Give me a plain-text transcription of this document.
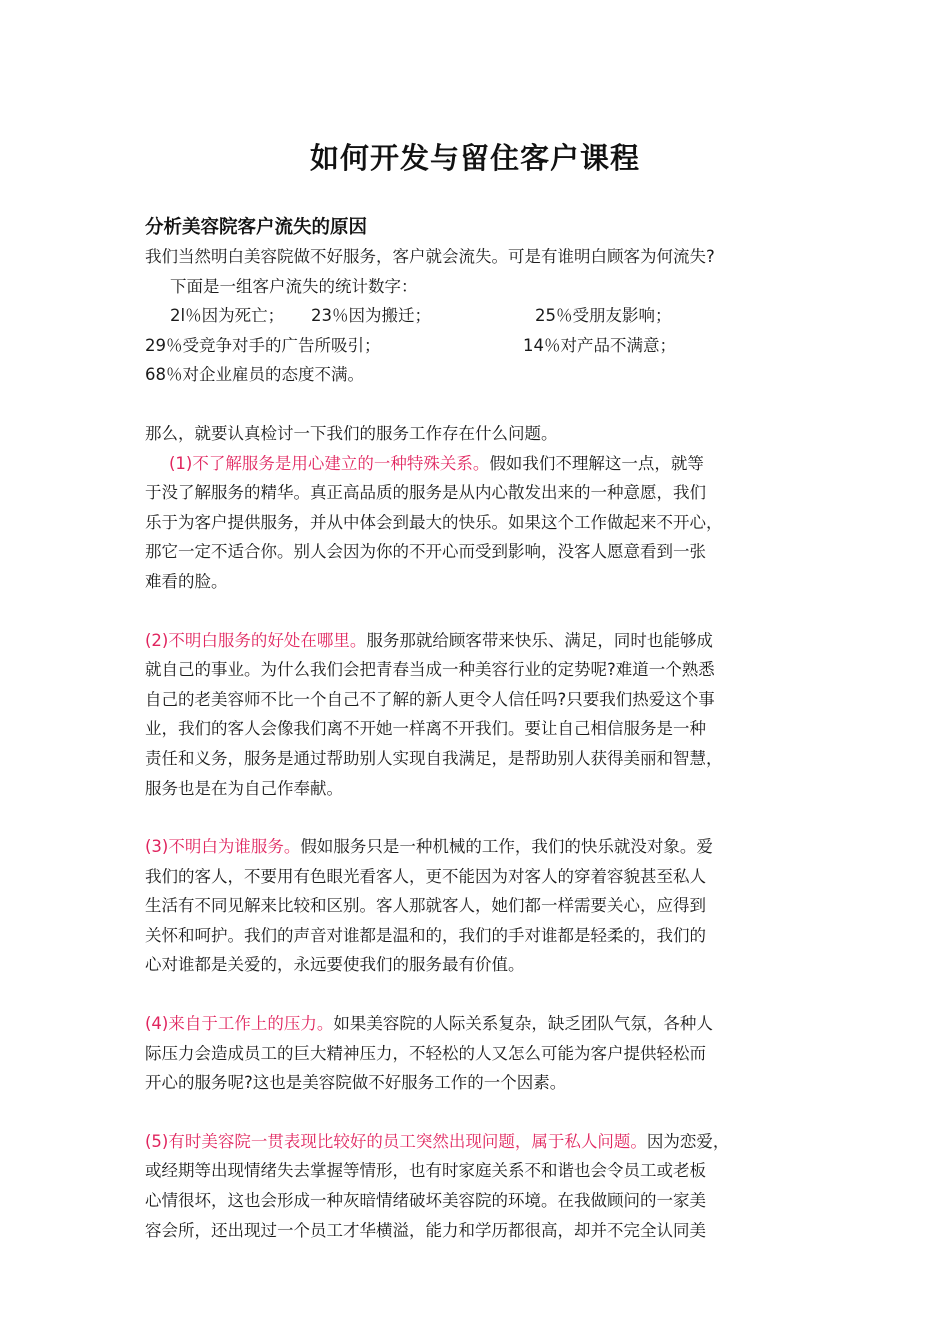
如何开发与留住客户课程
分析美容院客户流失的原因
我们当然明白美容院做不好服务，客户就会流失。可是有谁明白顾客为何流失?
下面是一组客户流失的统计数字：
2l％因为死亡； 23％因为搬迁；	25％受朋友影响；
29％受竞争对手的广告所吸引；	14％对产品不满意；
68％对企业雇员的态度不满。
那么，就要认真检讨一下我们的服务工作存在什么问题。
(1)不了解服务是用心建立的一种特殊关系。假如我们不理解这一点，就等
于没了解服务的精华。真正高品质的服务是从内心散发出来的一种意愿，我们
乐于为客户提供服务，并从中体会到最大的快乐。如果这个工作做起来不开心，
那它一定不适合你。别人会因为你的不开心而受到影响，没客人愿意看到一张
难看的脸。
(2)不明白服务的好处在哪里。服务那就给顾客带来快乐、满足，同时也能够成
就自己的事业。为什么我们会把青春当成一种美容行业的定势呢?难道一个熟悉
自己的老美容师不比一个自己不了解的新人更令人信任吗?只要我们热爱这个事
业，我们的客人会像我们离不开她一样离不开我们。要让自己相信服务是一种
责任和义务，服务是通过帮助别人实现自我满足，是帮助别人获得美丽和智慧，
服务也是在为自己作奉献。
(3)不明白为谁服务。假如服务只是一种机械的工作，我们的快乐就没对象。爱
我们的客人，不要用有色眼光看客人，更不能因为对客人的穿着容貌甚至私人
生活有不同见解来比较和区别。客人那就客人，她们都一样需要关心，应得到
关怀和呵护。我们的声音对谁都是温和的，我们的手对谁都是轻柔的，我们的
心对谁都是关爱的，永远要使我们的服务最有价值。
(4)来自于工作上的压力。如果美容院的人际关系复杂，缺乏团队气氛，各种人
际压力会造成员工的巨大精神压力，不轻松的人又怎么可能为客户提供轻松而
开心的服务呢?这也是美容院做不好服务工作的一个因素。
(5)有时美容院一贯表现比较好的员工突然出现问题，属于私人问题。因为恋爱，
或经期等出现情绪失去掌握等情形，也有时家庭关系不和谐也会令员工或老板
心情很坏，这也会形成一种灰暗情绪破坏美容院的环境。在我做顾问的一家美
容会所，还出现过一个员工才华横溢，能力和学历都很高，却并不完全认同美
